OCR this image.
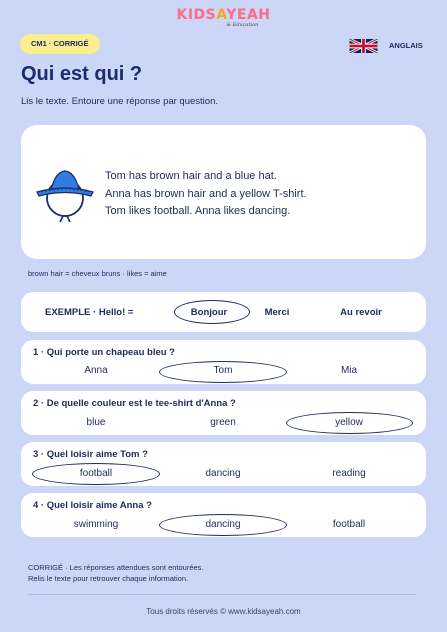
KIDSAYEAH
& Education
CM1 · CORRIGÉ	ANGLAIS
Qui est qui ?
Lis le texte. Entoure une réponse par question.
Tom has brown hair and a blue hat.
Anna has brown hair and a yellow T-shirt.
Tom likes football. Anna likes dancing.
brown hair = cheveux bruns · likes = aime
EXEMPLE · Hello! =	Bonjour	Merci	Au revoir
1 · Qui porte un chapeau bleu ?
Anna	Tom	Mia
2 · De quelle couleur est le tee-shirt d'Anna ?
blue	green	yellow
3 · Quel loisir aime Tom ?
football	dancing	reading
4 · Quel loisir aime Anna ?
swimming	dancing	football
CORRIGÉ · Les réponses attendues sont entourées.
Relis le texte pour retrouver chaque information.
Tous droits réservés © www.kidsayeah.com
